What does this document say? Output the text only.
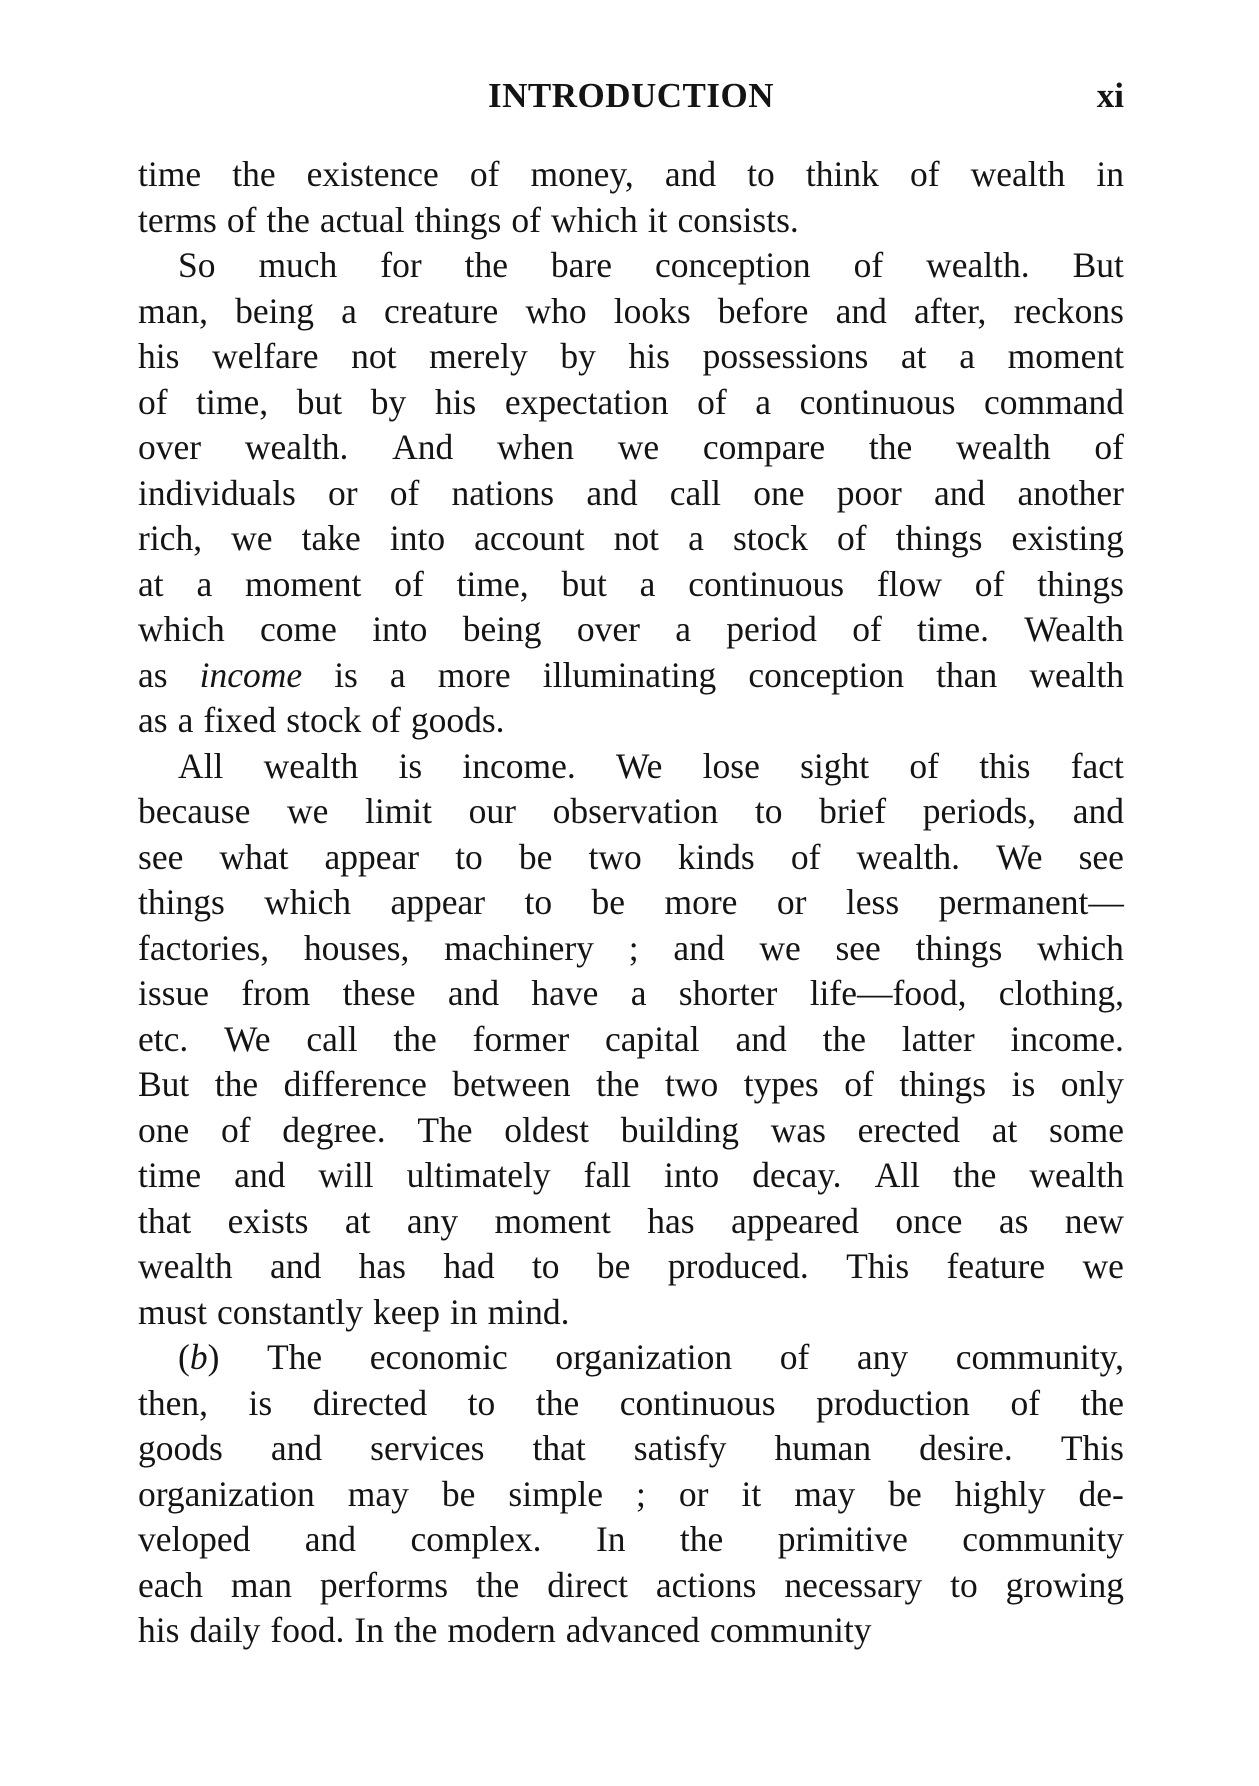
INTRODUCTION	xi
time the existence of money, and to think of wealth in
terms of the actual things of which it consists.
So much for the bare conception of wealth. But
man, being a creature who looks before and after, reckons
his welfare not merely by his possessions at a moment
of time, but by his expectation of a continuous command
over wealth. And when we compare the wealth of
individuals or of nations and call one poor and another
rich, we take into account not a stock of things existing
at a moment of time, but a continuous flow of things
which come into being over a period of time. Wealth
as income is a more illuminating conception than wealth
as a fixed stock of goods.
All wealth is income. We lose sight of this fact
because we limit our observation to brief periods, and
see what appear to be two kinds of wealth. We see
things which appear to be more or less permanent—
factories, houses, machinery ; and we see things which
issue from these and have a shorter life—food, clothing,
etc. We call the former capital and the latter income.
But the difference between the two types of things is only
one of degree. The oldest building was erected at some
time and will ultimately fall into decay. All the wealth
that exists at any moment has appeared once as new
wealth and has had to be produced. This feature we
must constantly keep in mind.
(b) The economic organization of any community,
then, is directed to the continuous production of the
goods and services that satisfy human desire. This
organization may be simple ; or it may be highly de-
veloped and complex. In the primitive community
each man performs the direct actions necessary to growing
his daily food. In the modern advanced community
